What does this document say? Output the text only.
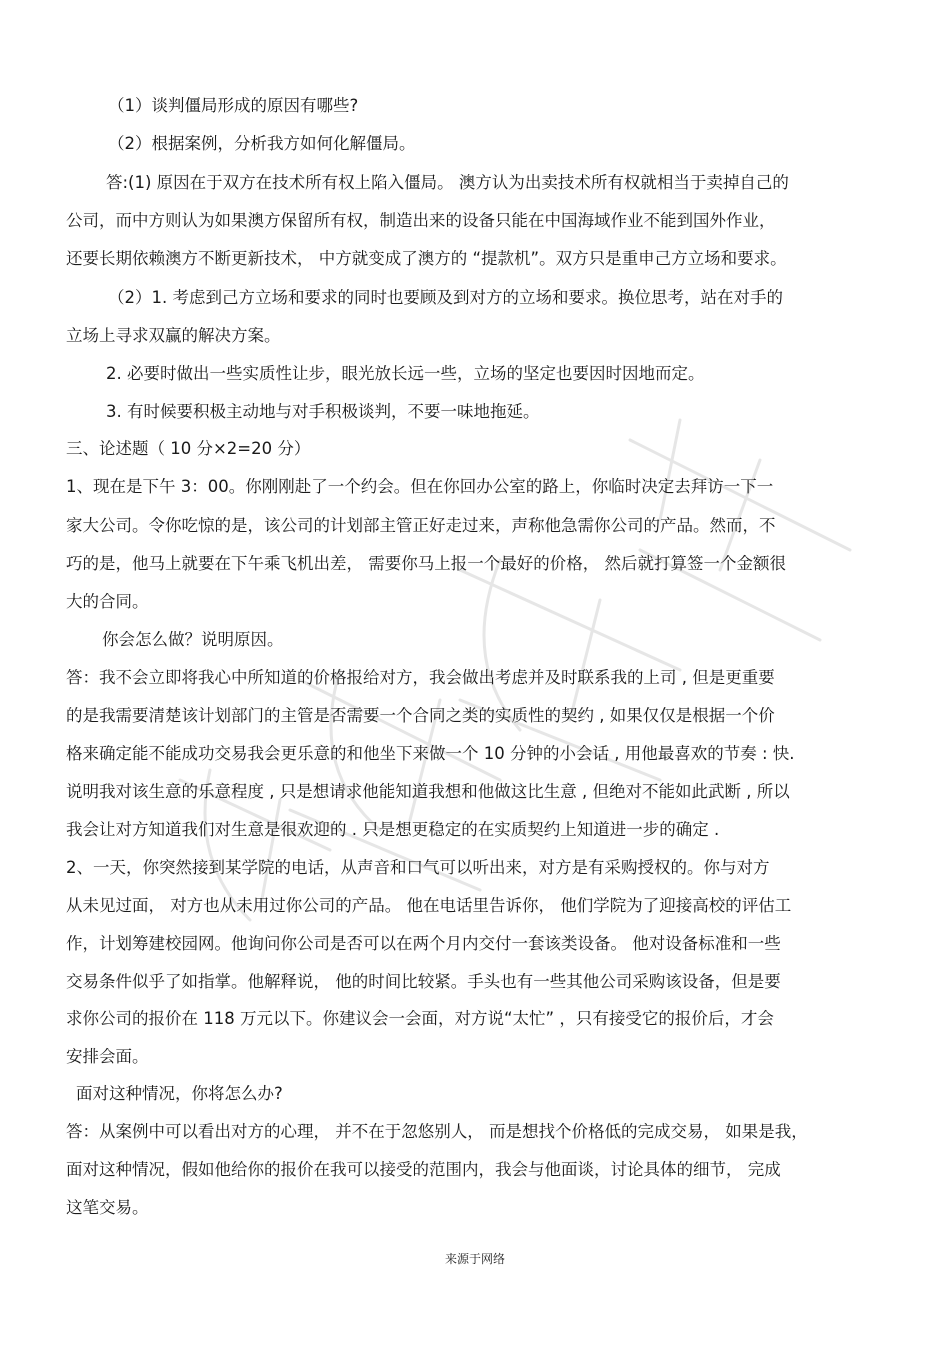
（1）谈判僵局形成的原因有哪些?
（2）根据案例，分析我方如何化解僵局。
答:(1) 原因在于双方在技术所有权上陷入僵局。 澳方认为出卖技术所有权就相当于卖掉自己的
公司，而中方则认为如果澳方保留所有权，制造出来的设备只能在中国海域作业不能到国外作业，
还要长期依赖澳方不断更新技术， 中方就变成了澳方的 “提款机”。双方只是重申己方立场和要求。
（2）1. 考虑到己方立场和要求的同时也要顾及到对方的立场和要求。换位思考，站在对手的
立场上寻求双赢的解决方案。
2. 必要时做出一些实质性让步，眼光放长远一些，立场的坚定也要因时因地而定。
3. 有时候要积极主动地与对手积极谈判，不要一味地拖延。
三、论述题（ 10 分×2=20 分）
1、现在是下午 3：00。你刚刚赴了一个约会。但在你回办公室的路上，你临时决定去拜访一下一
家大公司。令你吃惊的是，该公司的计划部主管正好走过来，声称他急需你公司的产品。然而，不
巧的是，他马上就要在下午乘飞机出差， 需要你马上报一个最好的价格， 然后就打算签一个金额很
大的合同。
你会怎么做？说明原因。
答：我不会立即将我心中所知道的价格报给对方，我会做出考虑并及时联系我的上司 , 但是更重要
的是我需要清楚该计划部门的主管是否需要一个合同之类的实质性的契约 , 如果仅仅是根据一个价
格来确定能不能成功交易我会更乐意的和他坐下来做一个 10 分钟的小会话 , 用他最喜欢的节奏 : 快.
说明我对该生意的乐意程度 , 只是想请求他能知道我想和他做这比生意 , 但绝对不能如此武断 , 所以
我会让对方知道我们对生意是很欢迎的 . 只是想更稳定的在实质契约上知道进一步的确定 .
2、一天，你突然接到某学院的电话，从声音和口气可以听出来，对方是有采购授权的。你与对方
从未见过面， 对方也从未用过你公司的产品。 他在电话里告诉你， 他们学院为了迎接高校的评估工
作，计划筹建校园网。他询问你公司是否可以在两个月内交付一套该类设备。 他对设备标准和一些
交易条件似乎了如指掌。他解释说， 他的时间比较紧。手头也有一些其他公司采购该设备，但是要
求你公司的报价在 118 万元以下。你建议会一会面，对方说“太忙” ，只有接受它的报价后，才会
安排会面。
面对这种情况，你将怎么办?
答：从案例中可以看出对方的心理， 并不在于忽悠别人， 而是想找个价格低的完成交易， 如果是我，
面对这种情况，假如他给你的报价在我可以接受的范围内，我会与他面谈，讨论具体的细节， 完成
这笔交易。
来源于网络
